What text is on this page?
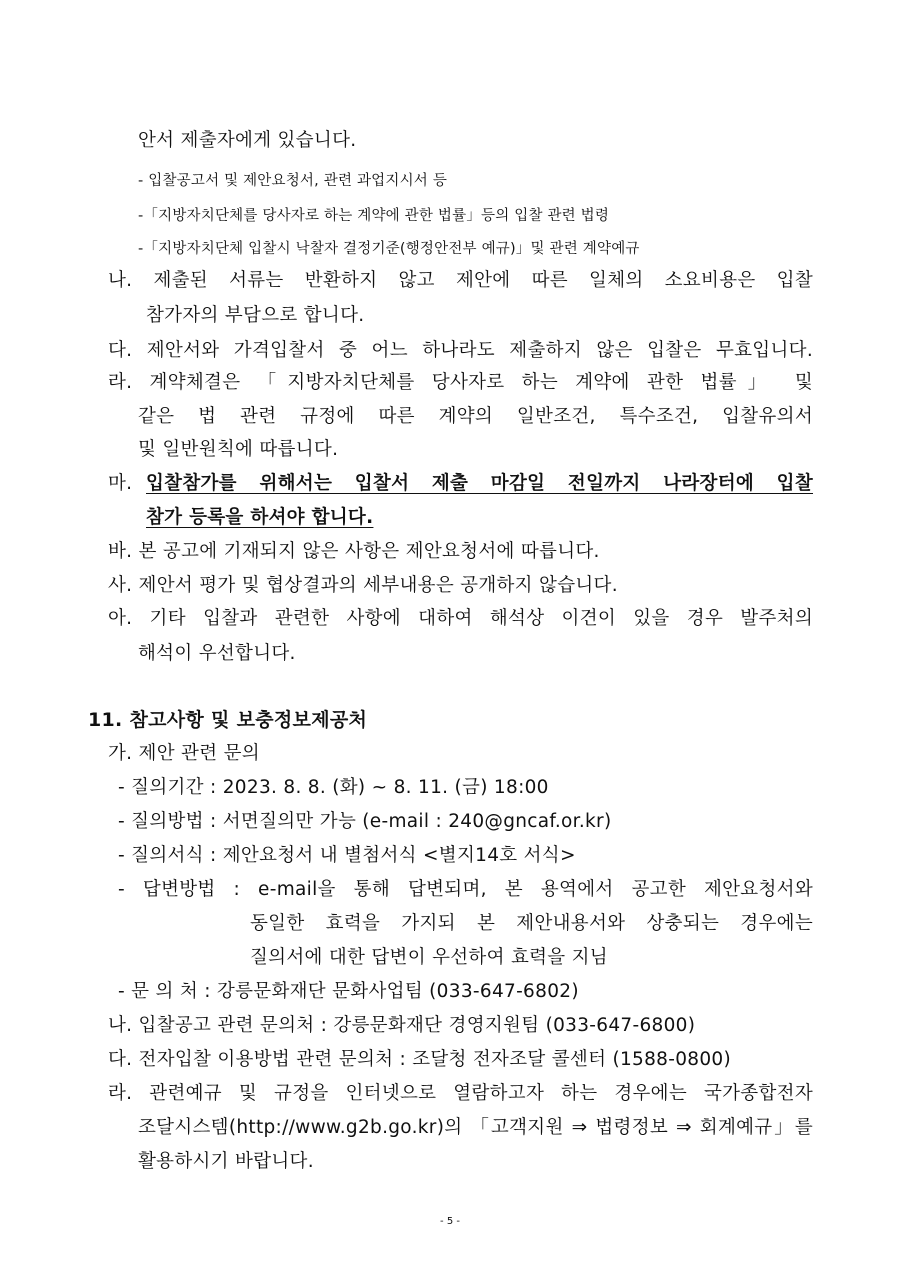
안서 제출자에게 있습니다.
- 입찰공고서 및 제안요청서, 관련 과업지시서 등
-「지방자치단체를 당사자로 하는 계약에 관한 법률」등의 입찰 관련 법령
-「지방자치단체 입찰시 낙찰자 결정기준(행정안전부 예규)」및 관련 계약예규
나. 제출된 서류는 반환하지 않고 제안에 따른 일체의 소요비용은 입찰
참가자의 부담으로 합니다.
다. 제안서와 가격입찰서 중 어느 하나라도 제출하지 않은 입찰은 무효입니다.
라. 계약체결은 「지방자치단체를 당사자로 하는 계약에 관한 법률」 및
같은 법 관련 규정에 따른 계약의 일반조건, 특수조건, 입찰유의서
및 일반원칙에 따릅니다.
마. 입찰참가를 위해서는 입찰서 제출 마감일 전일까지 나라장터에 입찰
참가 등록을 하셔야 합니다.
바. 본 공고에 기재되지 않은 사항은 제안요청서에 따릅니다.
사. 제안서 평가 및 협상결과의 세부내용은 공개하지 않습니다.
아. 기타 입찰과 관련한 사항에 대하여 해석상 이견이 있을 경우 발주처의
해석이 우선합니다.
11. 참고사항 및 보충정보제공처
가. 제안 관련 문의
- 질의기간 : 2023. 8. 8. (화) ~ 8. 11. (금) 18:00
- 질의방법 : 서면질의만 가능 (e-mail : 240@gncaf.or.kr)
- 질의서식 : 제안요청서 내 별첨서식 <별지14호 서식>
- 답변방법 : e-mail을 통해 답변되며, 본 용역에서 공고한 제안요청서와
동일한 효력을 가지되 본 제안내용서와 상충되는 경우에는
질의서에 대한 답변이 우선하여 효력을 지님
- 문 의 처 : 강릉문화재단 문화사업팀 (033-647-6802)
나. 입찰공고 관련 문의처 : 강릉문화재단 경영지원팀 (033-647-6800)
다. 전자입찰 이용방법 관련 문의처 : 조달청 전자조달 콜센터 (1588-0800)
라. 관련예규 및 규정을 인터넷으로 열람하고자 하는 경우에는 국가종합전자
조달시스템(http://www.g2b.go.kr)의 「고객지원 ⇒ 법령정보 ⇒ 회계예규」를
활용하시기 바랍니다.
- 5 -
